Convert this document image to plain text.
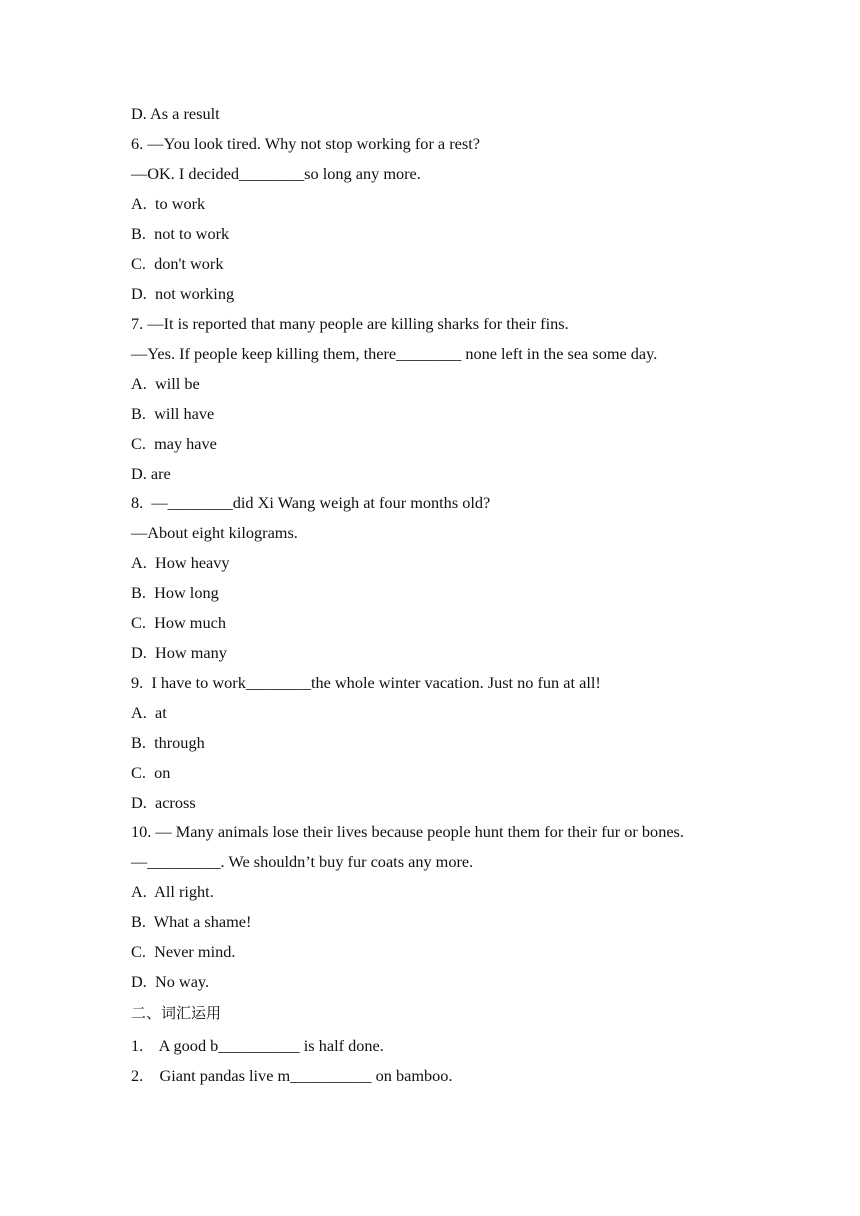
D. As a result
6. —You look tired. Why not stop working for a rest?
—OK. I decided________so long any more.
A.  to work
B.  not to work
C.  don't work
D.  not working
7. —It is reported that many people are killing sharks for their fins.
—Yes. If people keep killing them, there________ none left in the sea some day.
A.  will be
B.  will have
C.  may have
D. are
8.  —________did Xi Wang weigh at four months old?
—About eight kilograms.
A.  How heavy
B.  How long
C.  How much
D.  How many
9.  I have to work________the whole winter vacation. Just no fun at all!
A.  at
B.  through
C.  on
D.  across
10. — Many animals lose their lives because people hunt them for their fur or bones.
—_________. We shouldn’t buy fur coats any more.
A.  All right.
B.  What a shame!
C.  Never mind.
D.  No way.
二、词汇运用
1.    A good b__________ is half done.
2.    Giant pandas live m__________ on bamboo.
